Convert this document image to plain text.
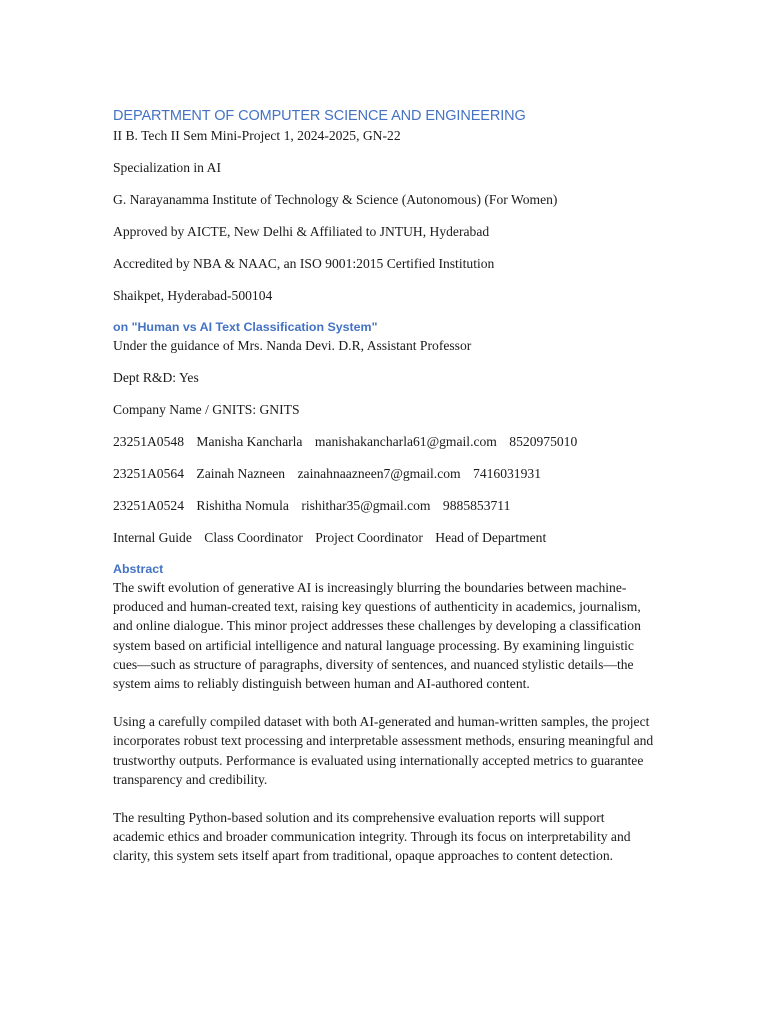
DEPARTMENT OF COMPUTER SCIENCE AND ENGINEERING

II B. Tech II Sem Mini-Project 1, 2024-2025, GN-22

Specialization in AI

G. Narayanamma Institute of Technology & Science (Autonomous) (For Women)

Approved by AICTE, New Delhi & Affiliated to JNTUH, Hyderabad

Accredited by NBA & NAAC, an ISO 9001:2015 Certified Institution

Shaikpet, Hyderabad-500104

on "Human vs AI Text Classification System"

Under the guidance of Mrs. Nanda Devi. D.R, Assistant Professor

Dept R&D: Yes

Company Name / GNITS: GNITS

23251A0548 Manisha Kancharla manishakancharla61@gmail.com 8520975010

23251A0564 Zainah Nazneen zainahnaazneen7@gmail.com 7416031931

23251A0524 Rishitha Nomula rishithar35@gmail.com 9885853711

Internal Guide Class Coordinator Project Coordinator Head of Department

Abstract

The swift evolution of generative AI is increasingly blurring the boundaries between machine-produced and human-created text, raising key questions of authenticity in academics, journalism, and online dialogue. This minor project addresses these challenges by developing a classification system based on artificial intelligence and natural language processing. By examining linguistic cues—such as structure of paragraphs, diversity of sentences, and nuanced stylistic details—the system aims to reliably distinguish between human and AI-authored content.

Using a carefully compiled dataset with both AI-generated and human-written samples, the project incorporates robust text processing and interpretable assessment methods, ensuring meaningful and trustworthy outputs. Performance is evaluated using internationally accepted metrics to guarantee transparency and credibility.

The resulting Python-based solution and its comprehensive evaluation reports will support academic ethics and broader communication integrity. Through its focus on interpretability and clarity, this system sets itself apart from traditional, opaque approaches to content detection.
